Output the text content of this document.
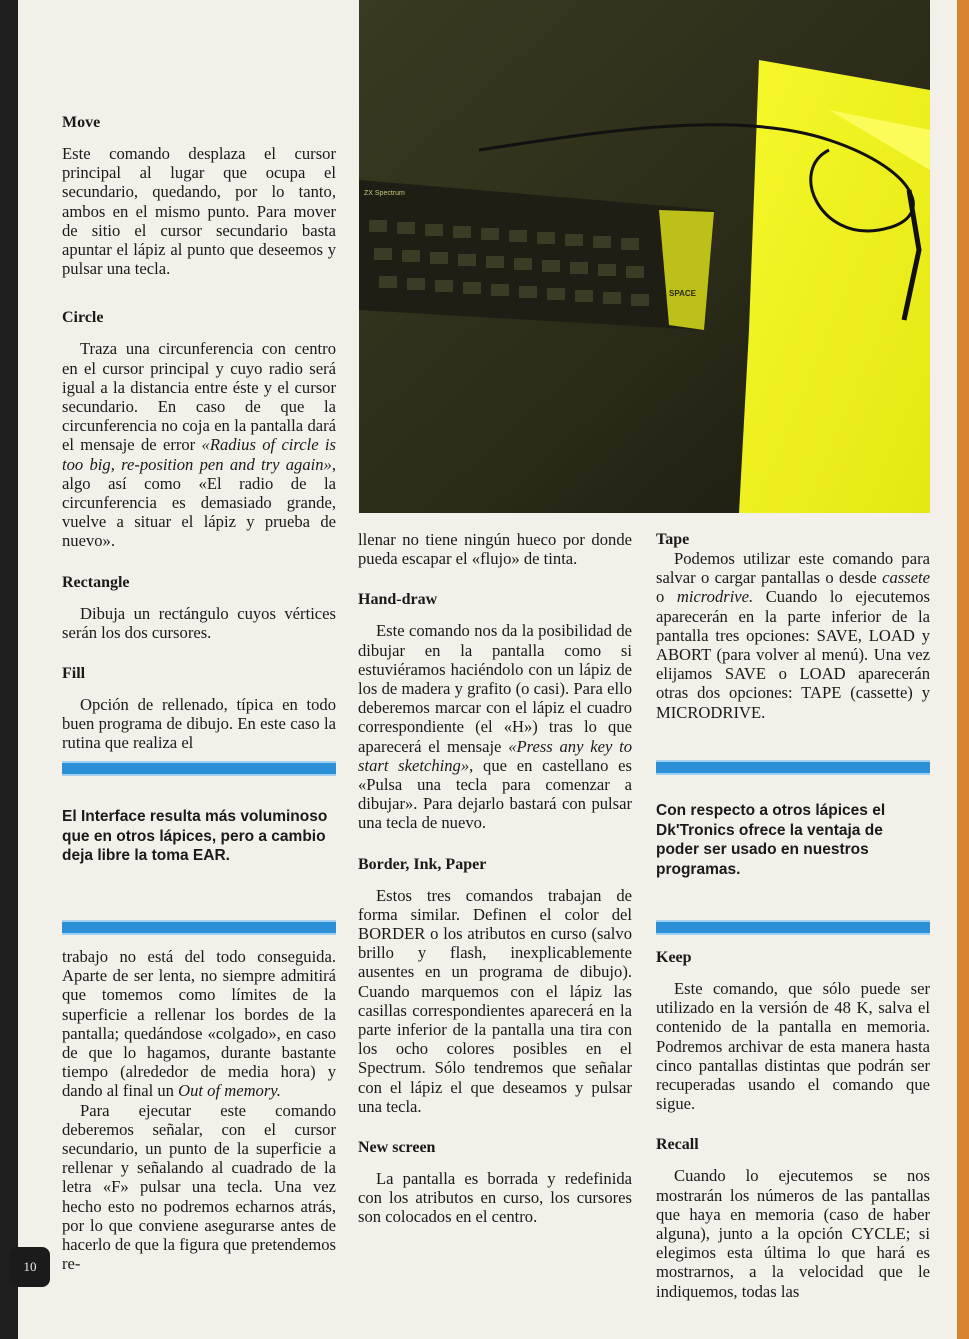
ZX Spectrum
SPACE
Move

Este comando desplaza el cursor principal al lugar que ocupa el secundario, quedando, por lo tanto, ambos en el mismo punto. Para mover de sitio el cursor secundario basta apuntar el lápiz al punto que deseemos y pulsar una tecla.

Circle

Traza una circunferencia con centro en el cursor principal y cuyo radio será igual a la distancia entre éste y el cursor secundario. En caso de que la circunferencia no coja en la pantalla dará el mensaje de error «Radius of circle is too big, re-position pen and try again», algo así como «El radio de la circunferencia es demasiado grande, vuelve a situar el lápiz y prueba de nuevo».

Rectangle

Dibuja un rectángulo cuyos vértices serán los dos cursores.

Fill

Opción de rellenado, típica en todo buen programa de dibujo. En este caso la rutina que realiza el

El Interface resulta más voluminoso que en otros lápices, pero a cambio deja libre la toma EAR.

trabajo no está del todo conseguida. Aparte de ser lenta, no siempre admitirá que tomemos como límites de la superficie a rellenar los bordes de la pantalla; quedándose «colgado», en caso de que lo hagamos, durante bastante tiempo (alrededor de media hora) y dando al final un Out of memory.

Para ejecutar este comando deberemos señalar, con el cursor secundario, un punto de la superficie a rellenar y señalando al cuadrado de la letra «F» pulsar una tecla. Una vez hecho esto no podremos echarnos atrás, por lo que conviene asegurarse antes de hacerlo de que la figura que pretendemos re-

llenar no tiene ningún hueco por donde pueda escapar el «flujo» de tinta.

Hand-draw

Este comando nos da la posibilidad de dibujar en la pantalla como si estuviéramos haciéndolo con un lápiz de los de madera y grafito (o casi). Para ello deberemos marcar con el lápiz el cuadro correspondiente (el «H») tras lo que aparecerá el mensaje «Press any key to start sketching», que en castellano es «Pulsa una tecla para comenzar a dibujar». Para dejarlo bastará con pulsar una tecla de nuevo.

Border, Ink, Paper

Estos tres comandos trabajan de forma similar. Definen el color del BORDER o los atributos en curso (salvo brillo y flash, inexplicablemente ausentes en un programa de dibujo). Cuando marquemos con el lápiz las casillas correspondientes aparecerá en la parte inferior de la pantalla una tira con los ocho colores posibles en el Spectrum. Sólo tendremos que señalar con el lápiz el que deseamos y pulsar una tecla.

New screen

La pantalla es borrada y redefinida con los atributos en curso, los cursores son colocados en el centro.

Tape

Podemos utilizar este comando para salvar o cargar pantallas o desde cassete o microdrive. Cuando lo ejecutemos aparecerán en la parte inferior de la pantalla tres opciones: SAVE, LOAD y ABORT (para volver al menú). Una vez elijamos SAVE o LOAD aparecerán otras dos opciones: TAPE (cassette) y MICRODRIVE.

Con respecto a otros lápices el Dk'Tronics ofrece la ventaja de poder ser usado en nuestros programas.
Keep

Este comando, que sólo puede ser utilizado en la versión de 48 K, salva el contenido de la pantalla en memoria. Podremos archivar de esta manera hasta cinco pantallas distintas que podrán ser recuperadas usando el comando que sigue.

Recall

Cuando lo ejecutemos se nos mostrarán los números de las pantallas que haya en memoria (caso de haber alguna), junto a la opción CYCLE; si elegimos esta última lo que hará es mostrarnos, a la velocidad que le indiquemos, todas las

10
